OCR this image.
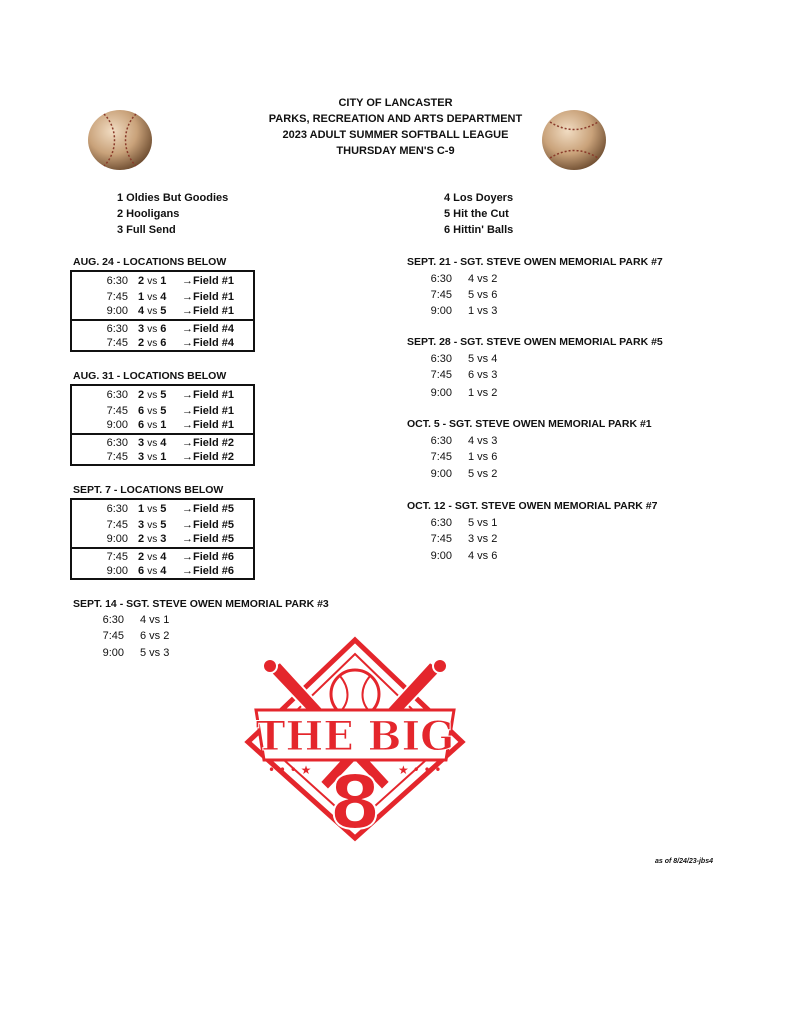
CITY OF LANCASTER
PARKS, RECREATION AND ARTS DEPARTMENT
2023 ADULT SUMMER SOFTBALL LEAGUE
THURSDAY MEN'S C-9
1 Oldies But Goodies
2 Hooligans
3 Full Send
4 Los Doyers
5 Hit the Cut
6 Hittin' Balls
AUG. 24 - LOCATIONS BELOW
6:30 2 vs 1 →Field #1
7:45 1 vs 4 →Field #1
9:00 4 vs 5 →Field #1
6:30 3 vs 6 →Field #4
7:45 2 vs 6 →Field #4
AUG. 31 - LOCATIONS BELOW
6:30 2 vs 5 →Field #1
7:45 6 vs 5 →Field #1
9:00 6 vs 1 →Field #1
6:30 3 vs 4 →Field #2
7:45 3 vs 1 →Field #2
SEPT. 7 - LOCATIONS BELOW
6:30 1 vs 5 →Field #5
7:45 3 vs 5 →Field #5
9:00 2 vs 3 →Field #5
7:45 2 vs 4 →Field #6
9:00 6 vs 4 →Field #6
SEPT. 14 - SGT. STEVE OWEN MEMORIAL PARK #3
6:30 4 vs 1
7:45 6 vs 2
9:00 5 vs 3
SEPT. 21 - SGT. STEVE OWEN MEMORIAL PARK #7
6:30 4 vs 2
7:45 5 vs 6
9:00 1 vs 3
SEPT. 28 - SGT. STEVE OWEN MEMORIAL PARK #5
6:30 5 vs 4
7:45 6 vs 3
9:00 1 vs 2
OCT. 5 - SGT. STEVE OWEN MEMORIAL PARK #1
6:30 4 vs 3
7:45 1 vs 6
9:00 5 vs 2
OCT. 12 - SGT. STEVE OWEN MEMORIAL PARK #7
6:30 5 vs 1
7:45 3 vs 2
9:00 4 vs 6
THE BIG
• • • ★	★ • • •
8
as of 8/24/23-jbs4
